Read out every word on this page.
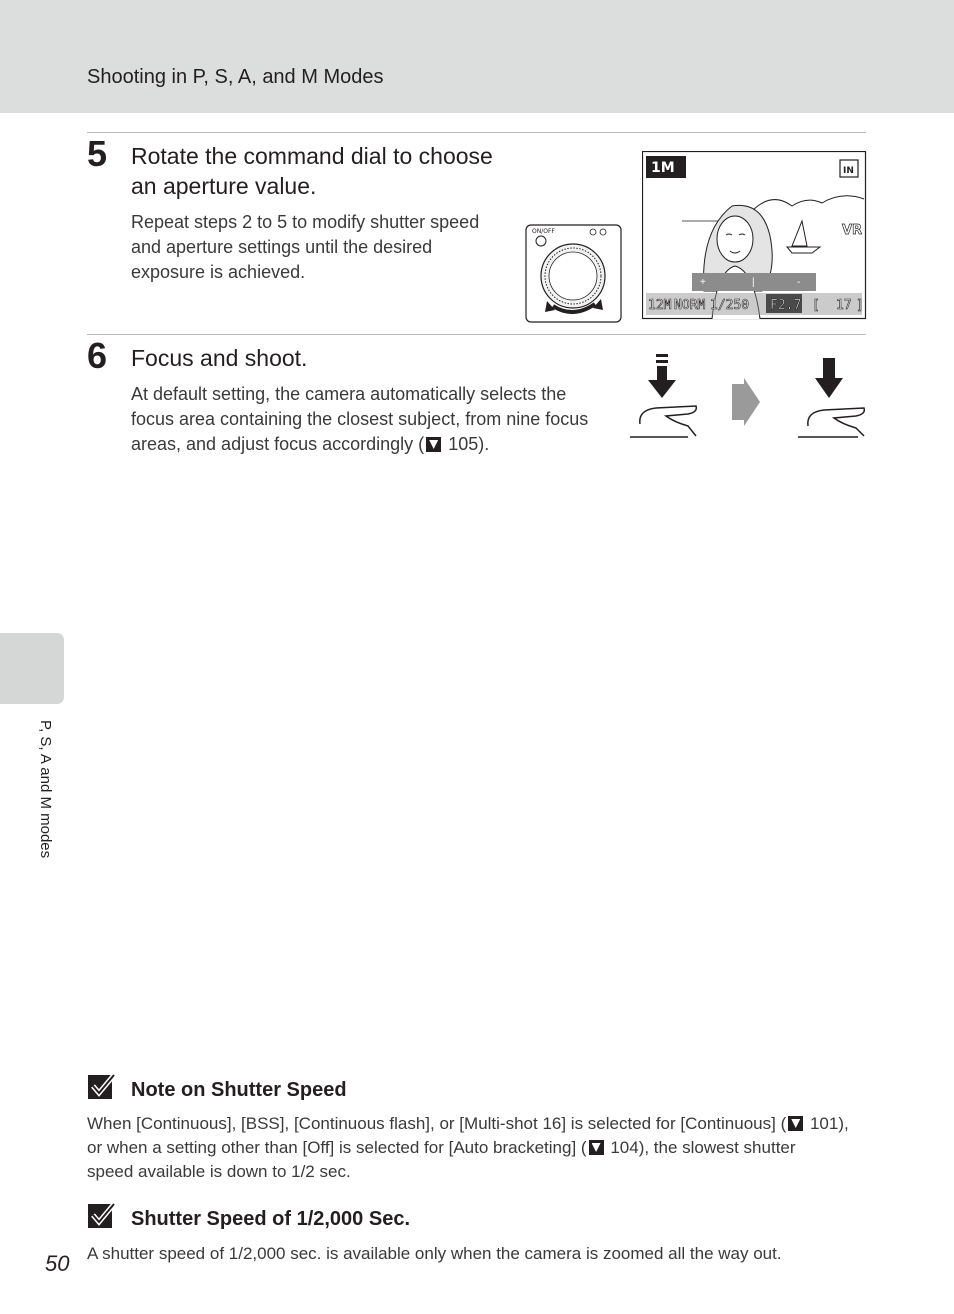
Shooting in P, S, A, and M Modes
5 Rotate the command dial to choose
an aperture value.
Repeat steps 2 to 5 to modify shutter speed
and aperture settings until the desired
exposure is achieved.
ON/OFF
1M	IN
VR
+	|	-
12M NORM 1/250 F2.7 [ 17 ]
6 Focus and shoot.
At default setting, the camera automatically selects the
focus area containing the closest subject, from nine focus
areas, and adjust focus accordingly ( 105).
P, S, A and M modes
Note on Shutter Speed
When [Continuous], [BSS], [Continuous flash], or [Multi-shot 16] is selected for [Continuous] ( 101),
or when a setting other than [Off] is selected for [Auto bracketing] ( 104), the slowest shutter
speed available is down to 1/2 sec.
Shutter Speed of 1/2,000 Sec.
A shutter speed of 1/2,000 sec. is available only when the camera is zoomed all the way out.
50
